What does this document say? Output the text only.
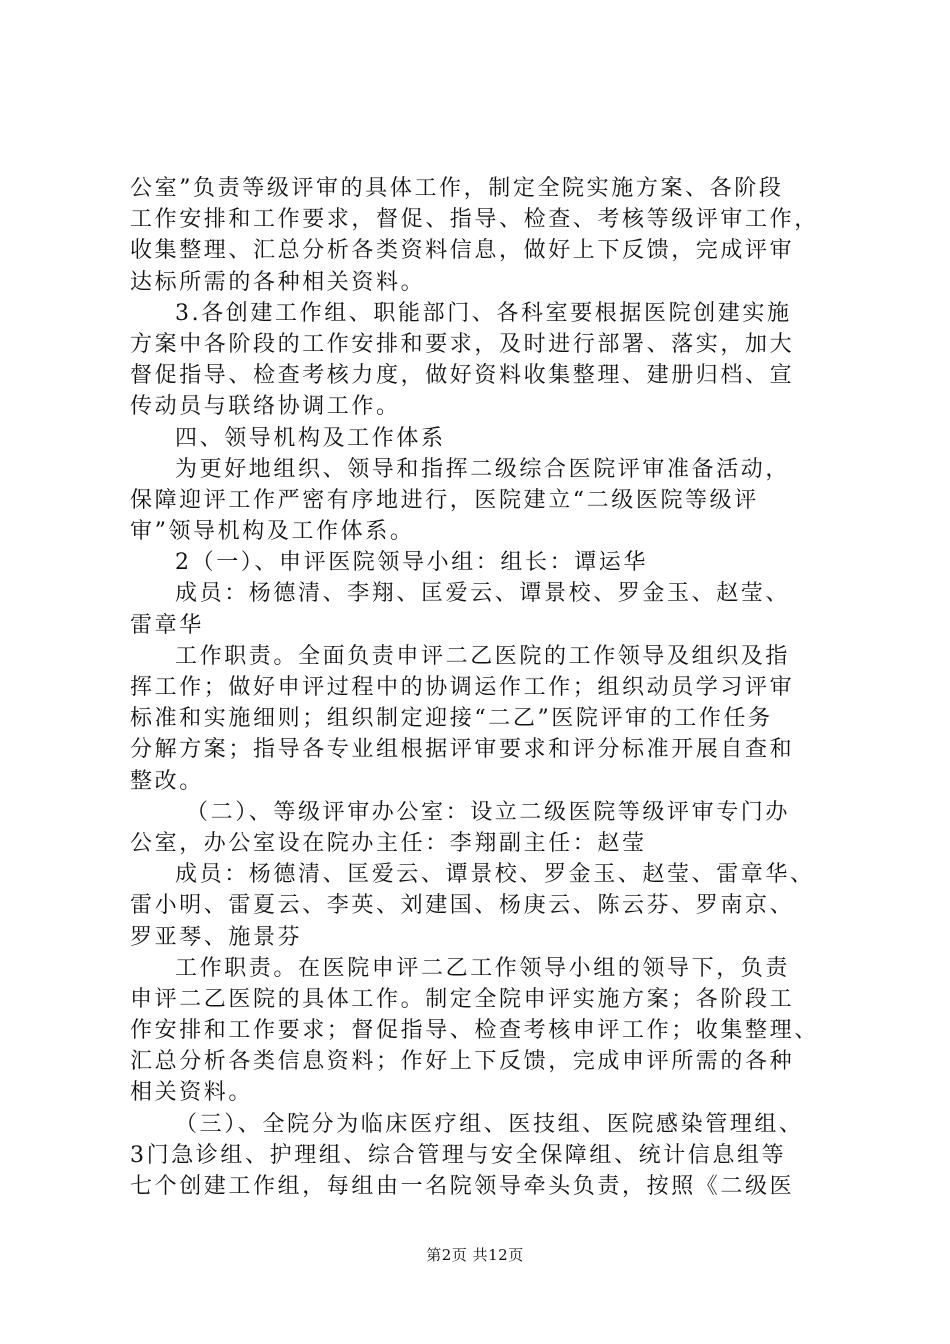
公室”负责等级评审的具体工作，制定全院实施方案、各阶段
工作安排和工作要求，督促、指导、检查、考核等级评审工作，
收集整理、汇总分析各类资料信息，做好上下反馈，完成评审
达标所需的各种相关资料。
3.各创建工作组、职能部门、各科室要根据医院创建实施
方案中各阶段的工作安排和要求，及时进行部署、落实，加大
督促指导、检查考核力度，做好资料收集整理、建册归档、宣
传动员与联络协调工作。
四、领导机构及工作体系
为更好地组织、领导和指挥二级综合医院评审准备活动，
保障迎评工作严密有序地进行，医院建立“二级医院等级评
审”领导机构及工作体系。
2（一）、申评医院领导小组：组长：谭运华
成员：杨德清、李翔、匡爱云、谭景校、罗金玉、赵莹、
雷章华
工作职责。全面负责申评二乙医院的工作领导及组织及指
挥工作；做好申评过程中的协调运作工作；组织动员学习评审
标准和实施细则；组织制定迎接“二乙”医院评审的工作任务
分解方案；指导各专业组根据评审要求和评分标准开展自查和
整改。
（二）、等级评审办公室：设立二级医院等级评审专门办
公室，办公室设在院办主任：李翔副主任：赵莹
成员：杨德清、匡爱云、谭景校、罗金玉、赵莹、雷章华、
雷小明、雷夏云、李英、刘建国、杨庚云、陈云芬、罗南京、
罗亚琴、施景芬
工作职责。在医院申评二乙工作领导小组的领导下，负责
申评二乙医院的具体工作。制定全院申评实施方案；各阶段工
作安排和工作要求；督促指导、检查考核申评工作；收集整理、
汇总分析各类信息资料；作好上下反馈，完成申评所需的各种
相关资料。
（三）、全院分为临床医疗组、医技组、医院感染管理组、
3门急诊组、护理组、综合管理与安全保障组、统计信息组等
七个创建工作组，每组由一名院领导牵头负责，按照《二级医
第2页 共12页
